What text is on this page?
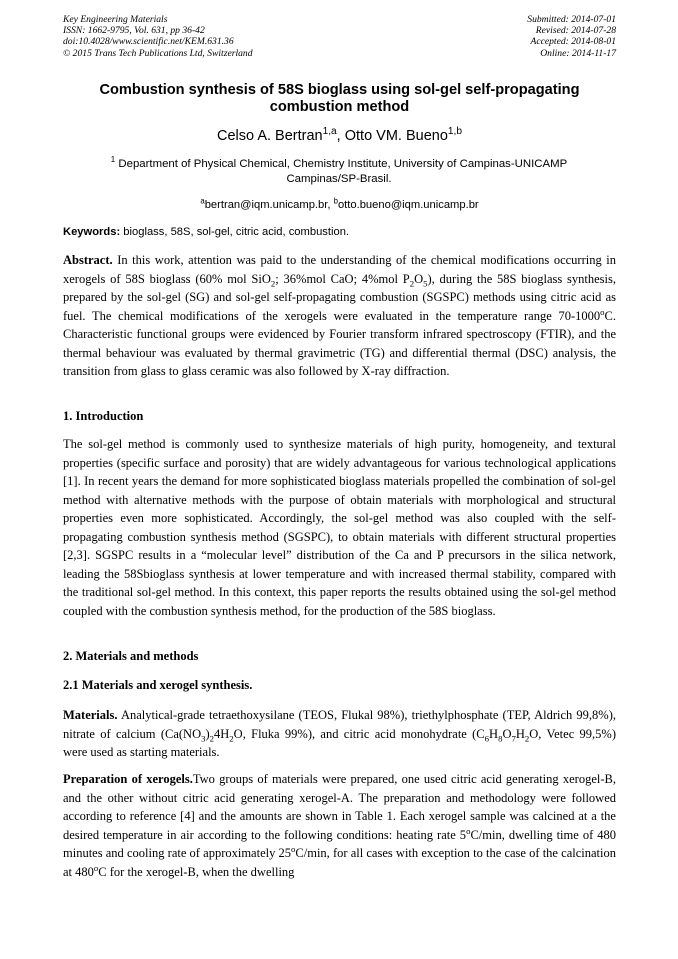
Key Engineering Materials
ISSN: 1662-9795, Vol. 631, pp 36-42
doi:10.4028/www.scientific.net/KEM.631.36
© 2015 Trans Tech Publications Ltd, Switzerland
Submitted: 2014-07-01
Revised: 2014-07-28
Accepted: 2014-08-01
Online: 2014-11-17
Combustion synthesis of 58S bioglass using sol-gel self-propagating combustion method
Celso A. Bertran$^{1,a}$, Otto VM. Bueno$^{1,b}$
$^1$ Department of Physical Chemical, Chemistry Institute, University of Campinas-UNICAMP Campinas/SP-Brasil.
$^a$bertran@iqm.unicamp.br, $^b$otto.bueno@iqm.unicamp.br
Keywords: bioglass, 58S, sol-gel, citric acid, combustion.
Abstract. In this work, attention was paid to the understanding of the chemical modifications occurring in xerogels of 58S bioglass (60% mol SiO$_2$; 36%mol CaO; 4%mol $P_2O_5$), during the 58S bioglass synthesis, prepared by the sol-gel (SG) and sol-gel self-propagating combustion (SGSPC) methods using citric acid as fuel. The chemical modifications of the xerogels were evaluated in the temperature range 70-1000$^o$C. Characteristic functional groups were evidenced by Fourier transform infrared spectroscopy (FTIR), and the thermal behaviour was evaluated by thermal gravimetric (TG) and differential thermal (DSC) analysis, the transition from glass to glass ceramic was also followed by X-ray diffraction.
1. Introduction
The sol-gel method is commonly used to synthesize materials of high purity, homogeneity, and textural properties (specific surface and porosity) that are widely advantageous for various technological applications [1]. In recent years the demand for more sophisticated bioglass materials propelled the combination of sol-gel method with alternative methods with the purpose of obtain materials with morphological and structural properties even more sophisticated. Accordingly, the sol-gel method was also coupled with the self-propagating combustion synthesis method (SGSPC), to obtain materials with different structural properties [2,3]. SGSPC results in a “molecular level” distribution of the Ca and P precursors in the silica network, leading the 58Sbioglass synthesis at lower temperature and with increased thermal stability, compared with the traditional sol-gel method. In this context, this paper reports the results obtained using the sol-gel method coupled with the combustion synthesis method, for the production of the 58S bioglass.
2. Materials and methods
2.1 Materials and xerogel synthesis.
Materials. Analytical-grade tetraethoxysilane (TEOS, Flukal 98%), triethylphosphate (TEP, Aldrich 99,8%), nitrate of calcium ($Ca(NO_3)_24H_2O$, Fluka 99%), and citric acid monohydrate ($C_6H_8O_7H_2O$, Vetec 99,5%) were used as starting materials.
Preparation of xerogels.Two groups of materials were prepared, one used citric acid generating xerogel-B, and the other without citric acid generating xerogel-A. The preparation and methodology were followed according to reference [4] and the amounts are shown in Table 1. Each xerogel sample was calcined at a the desired temperature in air according to the following conditions: heating rate 5$^o$C/min, dwelling time of 480 minutes and cooling rate of approximately 25$^o$C/min, for all cases with exception to the case of the calcination at 480$^o$C for the xerogel-B, when the dwelling
